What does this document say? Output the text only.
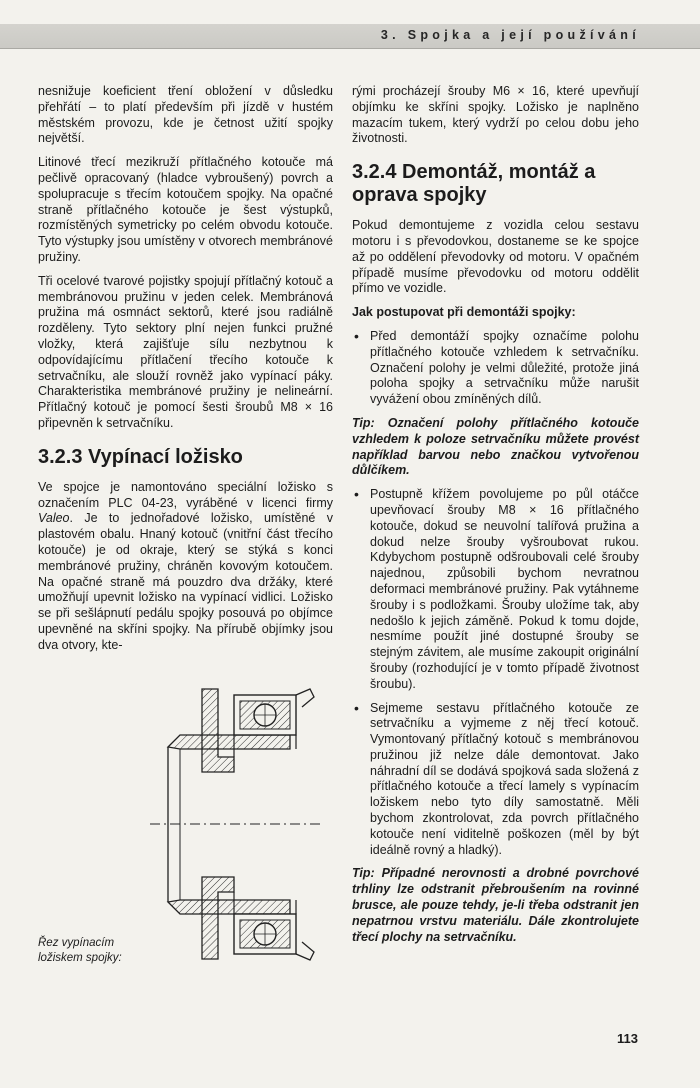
3. Spojka a její používání

nesnižuje koeficient tření obložení v důsledku přehřátí – to platí především při jízdě v hustém městském provozu, kde je četnost užití spojky největší.

Litinové třecí mezikruží přítlačného kotouče má pečlivě opracovaný (hladce vybroušený) povrch a spolupracuje s třecím kotoučem spojky. Na opačné straně přítlačného kotouče je šest výstupků, rozmístěných symetricky po celém obvodu kotouče. Tyto výstupky jsou umístěny v otvorech membránové pružiny.

Tři ocelové tvarové pojistky spojují přítlačný kotouč a membránovou pružinu v jeden celek. Membránová pružina má osmnáct sektorů, které jsou radiálně rozděleny. Tyto sektory plní nejen funkci pružné vložky, která zajišťuje sílu nezbytnou k odpovídajícímu přítlačení třecího kotouče k setrvačníku, ale slouží rovněž jako vypínací páky. Charakteristika membránové pružiny je nelineární. Přítlačný kotouč je pomocí šesti šroubů M8 × 16 připevněn k setrvačníku.

3.2.3 Vypínací ložisko

Ve spojce je namontováno speciální ložisko s označením PLC 04-23, vyráběné v licenci firmy Valeo. Je to jednořadové ložisko, umístěné v plastovém obalu. Hnaný kotouč (vnitřní část třecího kotouče) je od okraje, který se stýká s konci membránové pružiny, chráněn kovovým kotoučem. Na opačné straně má pouzdro dva držáky, které umožňují upevnit ložisko na vypínací vidlici. Ložisko se při sešlápnutí pedálu spojky posouvá po objímce upevněné na skříni spojky. Na přírubě objímky jsou dva otvory, kte-

Řez vypínacím ložiskem spojky:

rými procházejí šrouby M6 × 16, které upevňují objímku ke skříni spojky. Ložisko je naplněno mazacím tukem, který vydrží po celou dobu jeho životnosti.

3.2.4 Demontáž, montáž a oprava spojky

Pokud demontujeme z vozidla celou sestavu motoru i s převodovkou, dostaneme se ke spojce až po oddělení převodovky od motoru. V opačném případě musíme převodovku od motoru oddělit přímo ve vozidle.

Jak postupovat při demontáži spojky:

• Před demontáží spojky označíme polohu přítlačného kotouče vzhledem k setrvačníku. Označení polohy je velmi důležité, protože jiná poloha spojky a setrvačníku může narušit vyvážení obou zmíněných dílů.

Tip: Označení polohy přítlačného kotouče vzhledem k poloze setrvačníku můžete provést například barvou nebo značkou vytvořenou důlčíkem.

• Postupně křížem povolujeme po půl otáčce upevňovací šrouby M8 × 16 přítlačného kotouče, dokud se neuvolní talířová pružina a dokud nelze šrouby vyšroubovat rukou. Kdybychom postupně odšroubovali celé šrouby najednou, způsobili bychom nevratnou deformaci membránové pružiny. Pak vytáhneme šrouby i s podložkami. Šrouby uložíme tak, aby nedošlo k jejich záměně. Pokud k tomu dojde, nesmíme použít jiné dostupné šrouby se stejným závitem, ale musíme zakoupit originální šrouby (rozhodující je v tomto případě životnost šroubu).
• Sejmeme sestavu přítlačného kotouče ze setrvačníku a vyjmeme z něj třecí kotouč. Vymontovaný přítlačný kotouč s membránovou pružinou již nelze dále demontovat. Jako náhradní díl se dodává spojková sada složená z přítlačného kotouče a třecí lamely s vypínacím ložiskem nebo tyto díly samostatně. Měli bychom zkontrolovat, zda povrch přítlačného kotouče není viditelně poškozen (měl by být ideálně rovný a hladký).

Tip: Případné nerovnosti a drobné povrchové trhliny lze odstranit přebroušením na rovinné brusce, ale pouze tehdy, je-li třeba odstranit jen nepatrnou vrstvu materiálu. Dále zkontrolujete třecí plochy na setrvačníku.

113
